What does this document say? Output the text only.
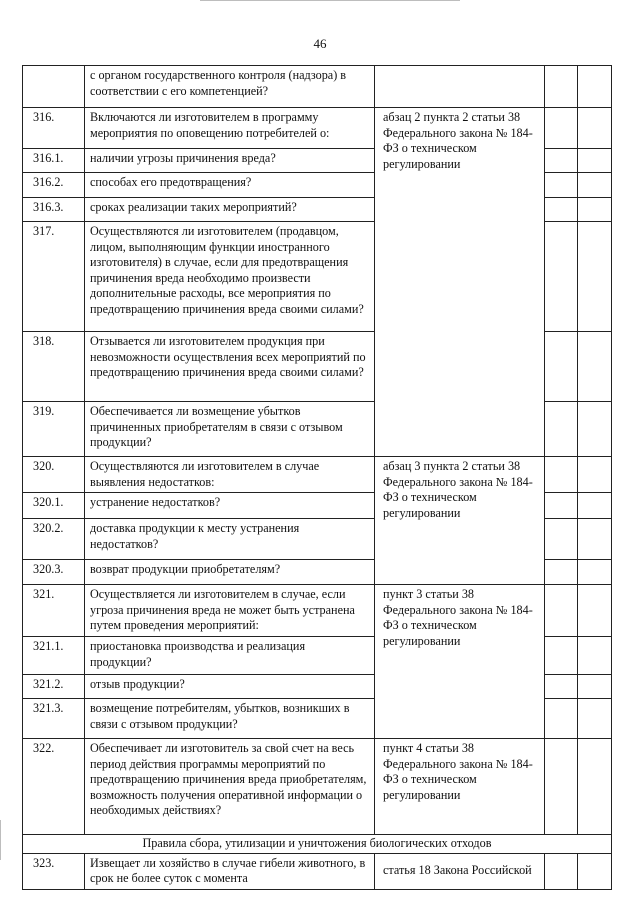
46
	с органом государственного контроля (надзора) в соответствии с его компетенцией?			
316.	Включаются ли изготовителем в программу мероприятия по оповещению потребителей о:	абзац 2 пункта 2 статьи 38 Федерального закона № 184-ФЗ о техническом регулировании		
316.1.	наличии угрозы причинения вреда?			
316.2.	способах его предотвращения?			
316.3.	сроках реализации таких мероприятий?			
317.	Осуществляются ли изготовителем (продавцом, лицом, выполняющим функции иностранного изготовителя) в случае, если для предотвращения причинения вреда необходимо произвести дополнительные расходы, все мероприятия по предотвращению причинения вреда своими силами?			
318.	Отзывается ли изготовителем продукция при невозможности осуществления всех мероприятий по предотвращению причинения вреда своими силами?			
319.	Обеспечивается ли возмещение убытков причиненных приобретателям в связи с отзывом продукции?			
320.	Осуществляются ли изготовителем в случае выявления недостатков:	абзац 3 пункта 2 статьи 38 Федерального закона № 184-ФЗ о техническом регулировании		
320.1.	устранение недостатков?			
320.2.	доставка продукции к месту устранения недостатков?			
320.3.	возврат продукции приобретателям?			
321.	Осуществляется ли изготовителем в случае, если угроза причинения вреда не может быть устранена путем проведения мероприятий:	пункт 3 статьи 38 Федерального закона № 184-ФЗ о техническом регулировании		
321.1.	приостановка производства и реализация продукции?			
321.2.	отзыв продукции?			
321.3.	возмещение потребителям, убытков, возникших в связи с отзывом продукции?			
322.	Обеспечивает ли изготовитель за свой счет на весь период действия программы мероприятий по предотвращению причинения вреда приобретателям, возможность получения оперативной информации о необходимых действиях?	пункт 4 статьи 38 Федерального закона № 184-ФЗ о техническом регулировании		
Правила сбора, утилизации и уничтожения биологических отходов				
323.	Извещает ли хозяйство в случае гибели животного, в срок не более суток с момента	статья 18 Закона Российской		
